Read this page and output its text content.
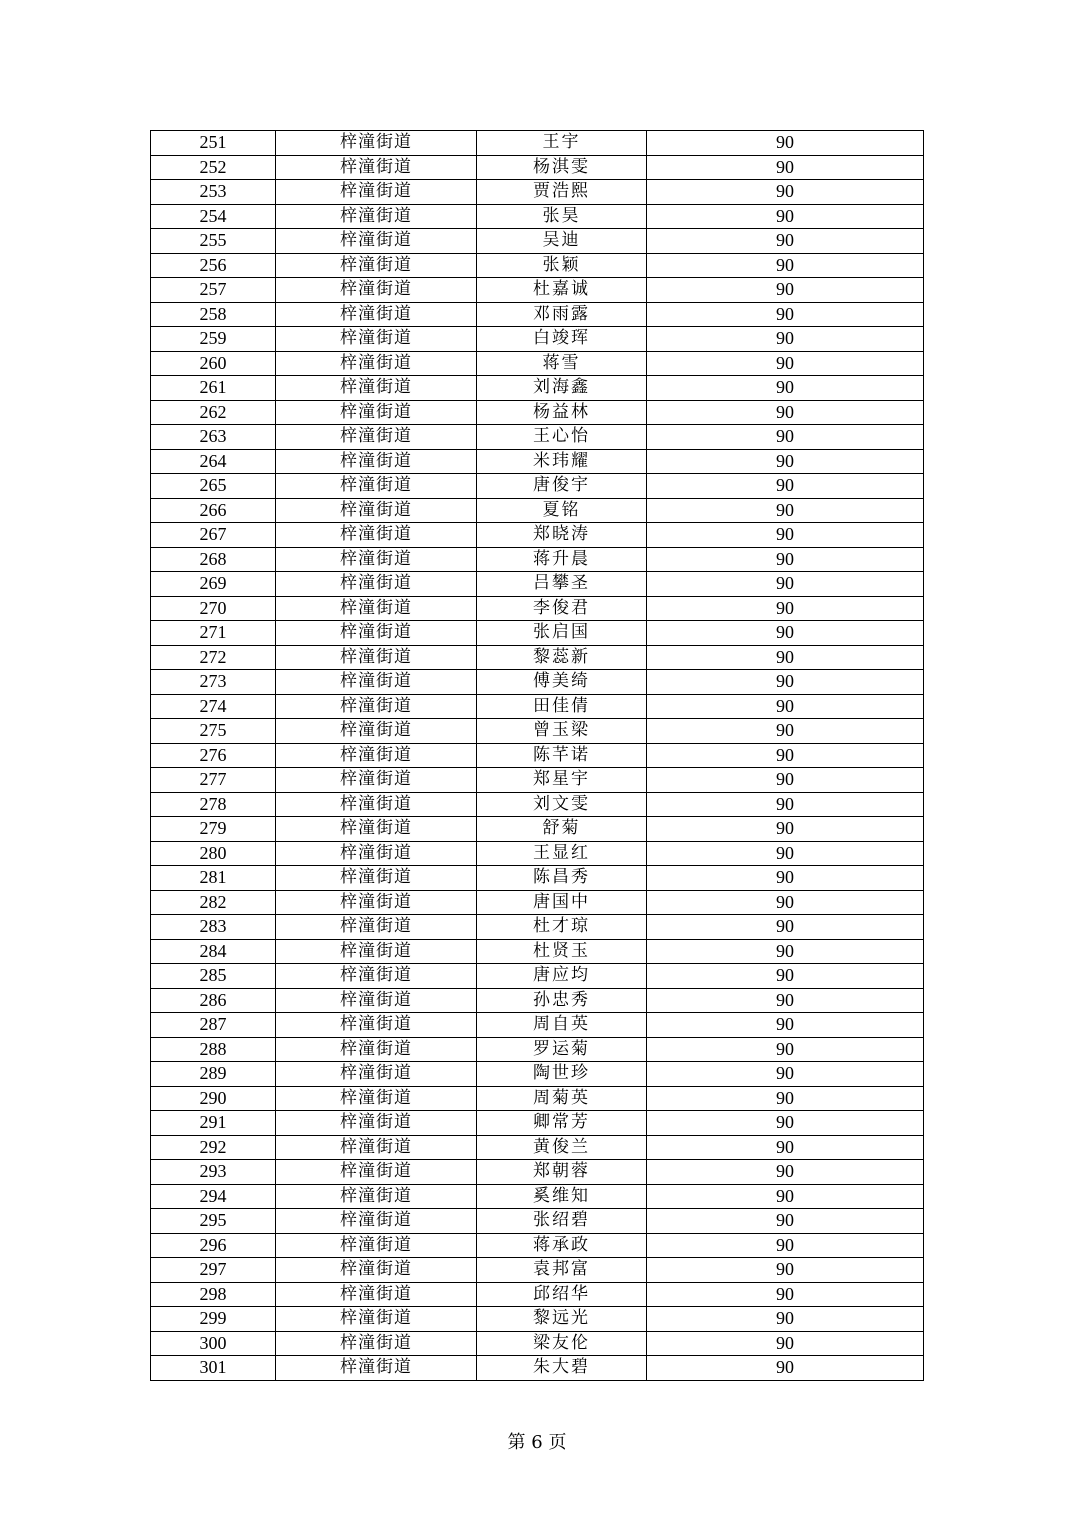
251	梓潼街道	王宇	90
252	梓潼街道	杨淇雯	90
253	梓潼街道	贾浩熙	90
254	梓潼街道	张昊	90
255	梓潼街道	吴迪	90
256	梓潼街道	张颖	90
257	梓潼街道	杜嘉诚	90
258	梓潼街道	邓雨露	90
259	梓潼街道	白竣珲	90
260	梓潼街道	蒋雪	90
261	梓潼街道	刘海鑫	90
262	梓潼街道	杨益林	90
263	梓潼街道	王心怡	90
264	梓潼街道	米玮耀	90
265	梓潼街道	唐俊宇	90
266	梓潼街道	夏铭	90
267	梓潼街道	郑晓涛	90
268	梓潼街道	蒋升晨	90
269	梓潼街道	吕攀圣	90
270	梓潼街道	李俊君	90
271	梓潼街道	张启国	90
272	梓潼街道	黎蕊新	90
273	梓潼街道	傅美绮	90
274	梓潼街道	田佳倩	90
275	梓潼街道	曾玉梁	90
276	梓潼街道	陈芊诺	90
277	梓潼街道	郑星宇	90
278	梓潼街道	刘文雯	90
279	梓潼街道	舒菊	90
280	梓潼街道	王显红	90
281	梓潼街道	陈昌秀	90
282	梓潼街道	唐国中	90
283	梓潼街道	杜才琼	90
284	梓潼街道	杜贤玉	90
285	梓潼街道	唐应均	90
286	梓潼街道	孙忠秀	90
287	梓潼街道	周自英	90
288	梓潼街道	罗运菊	90
289	梓潼街道	陶世珍	90
290	梓潼街道	周菊英	90
291	梓潼街道	卿常芳	90
292	梓潼街道	黄俊兰	90
293	梓潼街道	郑朝蓉	90
294	梓潼街道	奚维知	90
295	梓潼街道	张绍碧	90
296	梓潼街道	蒋承政	90
297	梓潼街道	袁邦富	90
298	梓潼街道	邱绍华	90
299	梓潼街道	黎远光	90
300	梓潼街道	梁友伦	90
301	梓潼街道	朱大碧	90
第 6 页
